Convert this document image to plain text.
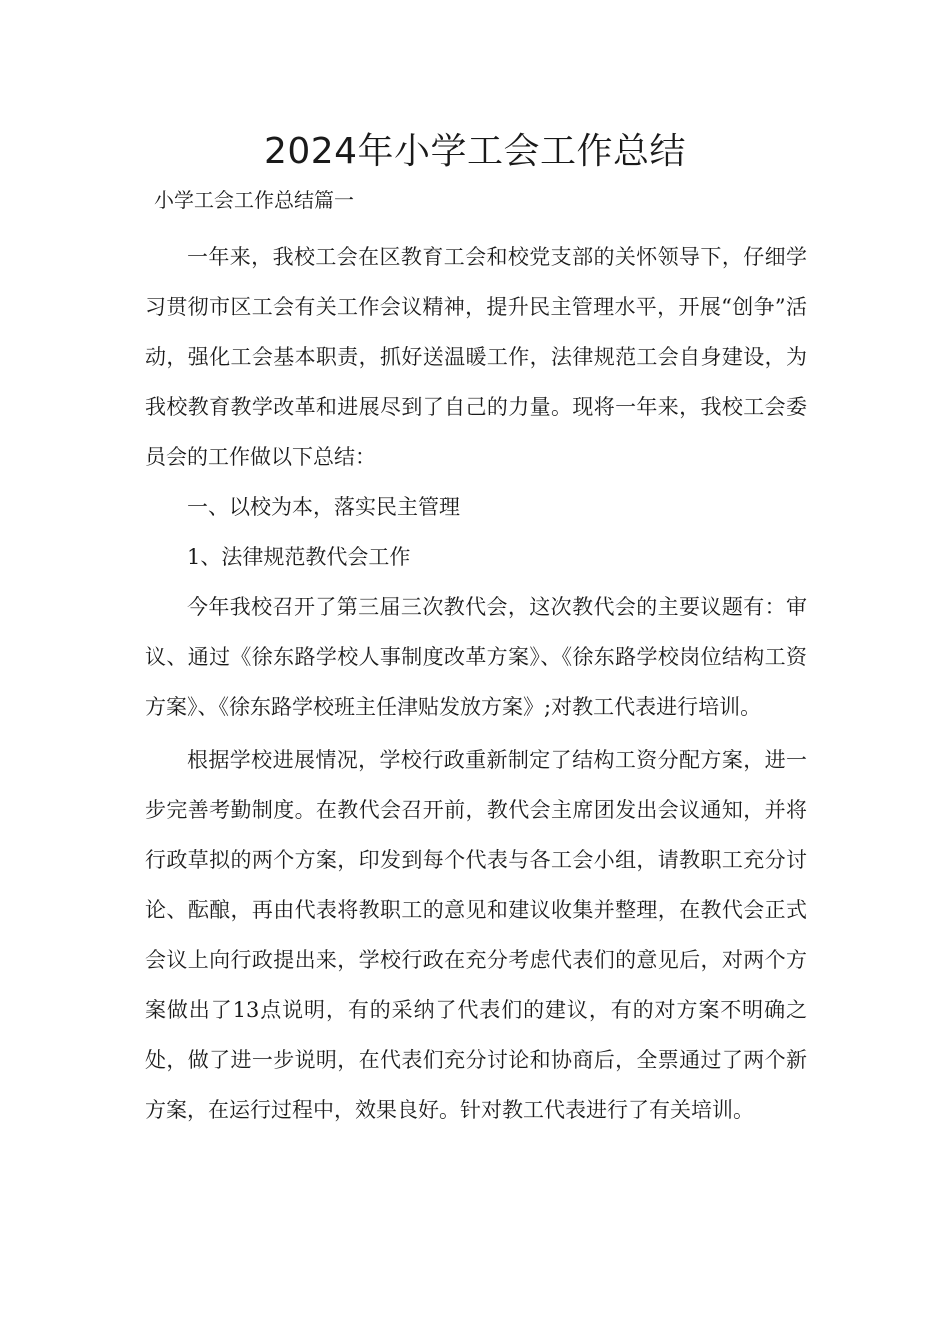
2024年小学工会工作总结

小学工会工作总结篇一

一年来，我校工会在区教育工会和校党支部的关怀领导下，仔细学习贯彻市区工会有关工作会议精神，提升民主管理水平，开展“创争”活动，强化工会基本职责，抓好送温暖工作，法律规范工会自身建设，为我校教育教学改革和进展尽到了自己的力量。现将一年来，我校工会委员会的工作做以下总结：

一、以校为本，落实民主管理

1、法律规范教代会工作

今年我校召开了第三届三次教代会，这次教代会的主要议题有：审议、通过《徐东路学校人事制度改革方案》、《徐东路学校岗位结构工资方案》、《徐东路学校班主任津贴发放方案》;对教工代表进行培训。

根据学校进展情况，学校行政重新制定了结构工资分配方案，进一步完善考勤制度。在教代会召开前，教代会主席团发出会议通知，并将行政草拟的两个方案，印发到每个代表与各工会小组，请教职工充分讨论、酝酿，再由代表将教职工的意见和建议收集并整理，在教代会正式会议上向行政提出来，学校行政在充分考虑代表们的意见后，对两个方案做出了13点说明，有的采纳了代表们的建议，有的对方案不明确之处，做了进一步说明，在代表们充分讨论和协商后，全票通过了两个新方案，在运行过程中，效果良好。针对教工代表进行了有关培训。
